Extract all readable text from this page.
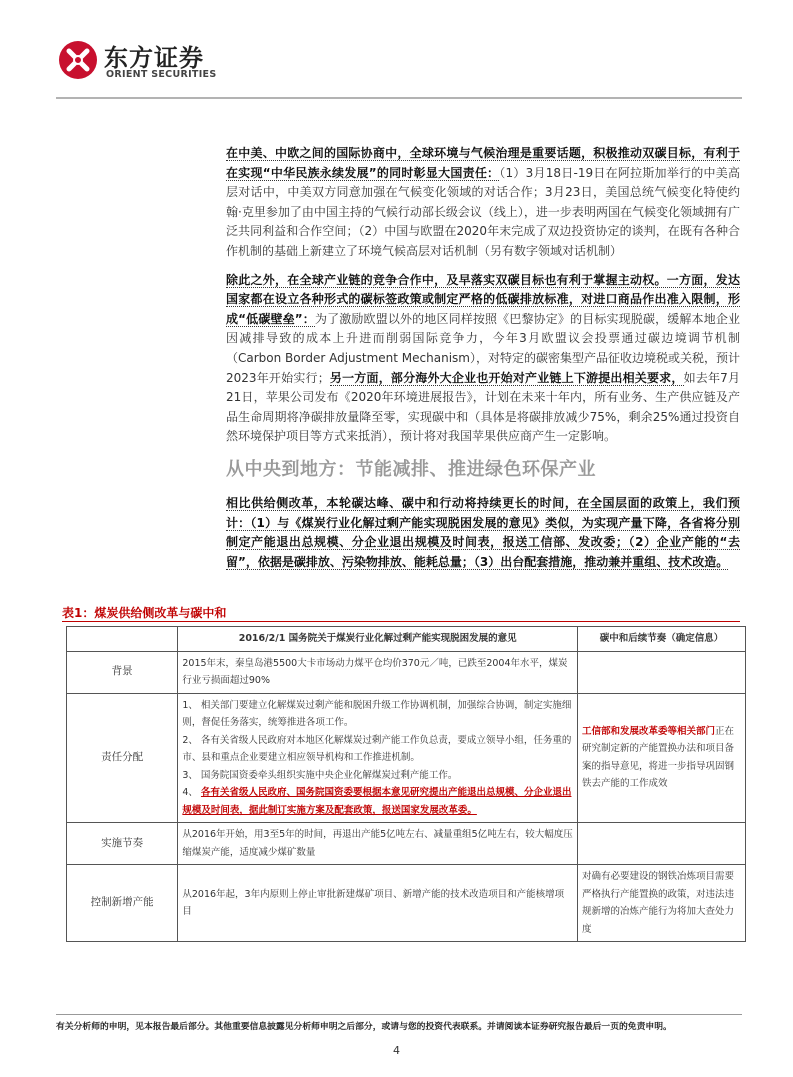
东方证券
ORIENT SECURITIES

在中美、中欧之间的国际协商中，全球环境与气候治理是重要话题，积极推动双碳目标，有利于在实现“中华民族永续发展”的同时彰显大国责任：（1）3月18日-19日在阿拉斯加举行的中美高层对话中，中美双方同意加强在气候变化领域的对话合作；3月23日，美国总统气候变化特使约翰·克里参加了由中国主持的气候行动部长级会议（线上），进一步表明两国在气候变化领域拥有广泛共同利益和合作空间；（2）中国与欧盟在2020年末完成了双边投资协定的谈判，在既有各种合作机制的基础上新建立了环境气候高层对话机制（另有数字领域对话机制）

除此之外，在全球产业链的竞争合作中，及早落实双碳目标也有利于掌握主动权。一方面，发达国家都在设立各种形式的碳标签政策或制定严格的低碳排放标准，对进口商品作出准入限制，形成“低碳壁垒”：为了激励欧盟以外的地区同样按照《巴黎协定》的目标实现脱碳，缓解本地企业因减排导致的成本上升进而削弱国际竞争力，今年3月欧盟议会投票通过碳边境调节机制（Carbon Border Adjustment Mechanism），对特定的碳密集型产品征收边境税或关税，预计2023年开始实行；另一方面，部分海外大企业也开始对产业链上下游提出相关要求，如去年7月21日，苹果公司发布《2020年环境进展报告》，计划在未来十年内，所有业务、生产供应链及产品生命周期将净碳排放量降至零，实现碳中和（具体是将碳排放减少75%，剩余25%通过投资自然环境保护项目等方式来抵消），预计将对我国苹果供应商产生一定影响。

从中央到地方：节能减排、推进绿色环保产业

相比供给侧改革，本轮碳达峰、碳中和行动将持续更长的时间，在全国层面的政策上，我们预计：（1）与《煤炭行业化解过剩产能实现脱困发展的意见》类似，为实现产量下降，各省将分别制定产能退出总规模、分企业退出规模及时间表，报送工信部、发改委；（2）企业产能的“去留”，依据是碳排放、污染物排放、能耗总量；（3）出台配套措施，推动兼并重组、技术改造。

表1：煤炭供给侧改革与碳中和
	2016/2/1 国务院关于煤炭行业化解过剩产能实现脱困发展的意见	碳中和后续节奏（确定信息）
背景	2015年末，秦皇岛港5500大卡市场动力煤平仓均价370元／吨，已跌至2004年水平，煤炭行业亏损面超过90%	
责任分配	1、 相关部门要建立化解煤炭过剩产能和脱困升级工作协调机制，加强综合协调，制定实施细则，督促任务落实，统筹推进各项工作。
2、 各有关省级人民政府对本地区化解煤炭过剩产能工作负总责，要成立领导小组，任务重的市、县和重点企业要建立相应领导机构和工作推进机制。
3、 国务院国资委牵头组织实施中央企业化解煤炭过剩产能工作。
4、 各有关省级人民政府、国务院国资委要根据本意见研究提出产能退出总规模、分企业退出规模及时间表，据此制订实施方案及配套政策，报送国家发展改革委。	工信部和发展改革委等相关部门正在研究制定新的产能置换办法和项目备案的指导意见，将进一步指导巩固钢铁去产能的工作成效
实施节奏	从2016年开始，用3至5年的时间，再退出产能5亿吨左右、减量重组5亿吨左右，较大幅度压缩煤炭产能，适度减少煤矿数量	
控制新增产能	从2016年起，3年内原则上停止审批新建煤矿项目、新增产能的技术改造项目和产能核增项目	对确有必要建设的钢铁冶炼项目需要严格执行产能置换的政策，对违法违规新增的冶炼产能行为将加大查处力度
有关分析师的申明，见本报告最后部分。其他重要信息披露见分析师申明之后部分，或请与您的投资代表联系。并请阅读本证券研究报告最后一页的免责申明。
4
